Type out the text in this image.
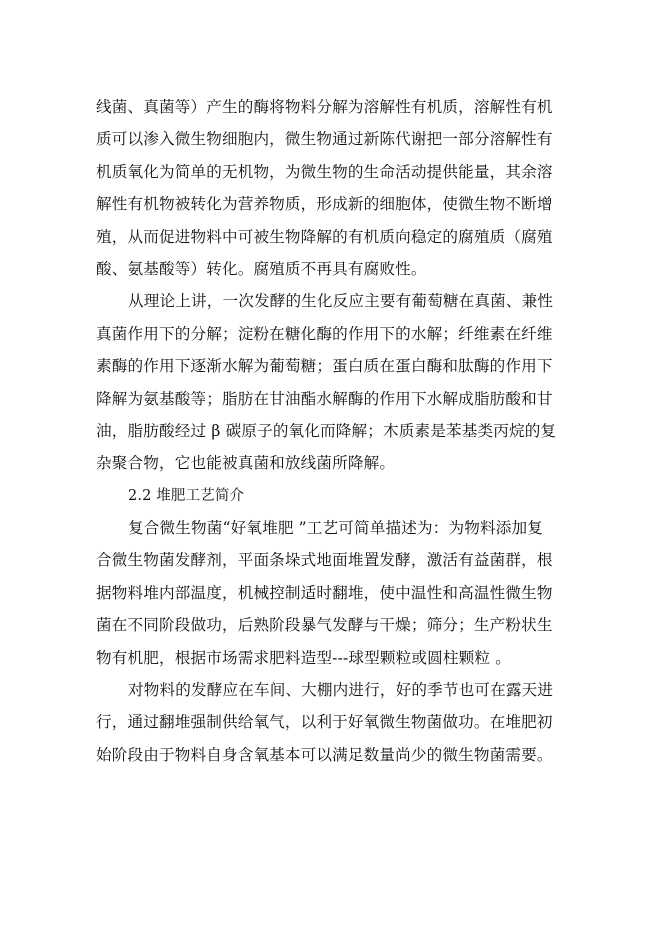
线菌、真菌等）产生的酶将物料分解为溶解性有机质，溶解性有机
质可以渗入微生物细胞内，微生物通过新陈代谢把一部分溶解性有
机质氧化为简单的无机物，为微生物的生命活动提供能量，其余溶
解性有机物被转化为营养物质，形成新的细胞体，使微生物不断增
殖，从而促进物料中可被生物降解的有机质向稳定的腐殖质（腐殖
酸、氨基酸等）转化。腐殖质不再具有腐败性。
从理论上讲，一次发酵的生化反应主要有葡萄糖在真菌、兼性
真菌作用下的分解；淀粉在糖化酶的作用下的水解；纤维素在纤维
素酶的作用下逐渐水解为葡萄糖；蛋白质在蛋白酶和肽酶的作用下
降解为氨基酸等；脂肪在甘油酯水解酶的作用下水解成脂肪酸和甘
油，脂肪酸经过 β 碳原子的氧化而降解；木质素是苯基类丙烷的复
杂聚合物，它也能被真菌和放线菌所降解。
2.2 堆肥工艺简介
复合微生物菌“好氧堆肥 ”工艺可简单描述为：为物料添加复
合微生物菌发酵剂，平面条垛式地面堆置发酵，激活有益菌群，根
据物料堆内部温度，机械控制适时翻堆，使中温性和高温性微生物
菌在不同阶段做功，后熟阶段暴气发酵与干燥；筛分；生产粉状生
物有机肥，根据市场需求肥料造型---球型颗粒或圆柱颗粒 。
对物料的发酵应在车间、大棚内进行，好的季节也可在露天进
行，通过翻堆强制供给氧气，以利于好氧微生物菌做功。在堆肥初
始阶段由于物料自身含氧基本可以满足数量尚少的微生物菌需要。
